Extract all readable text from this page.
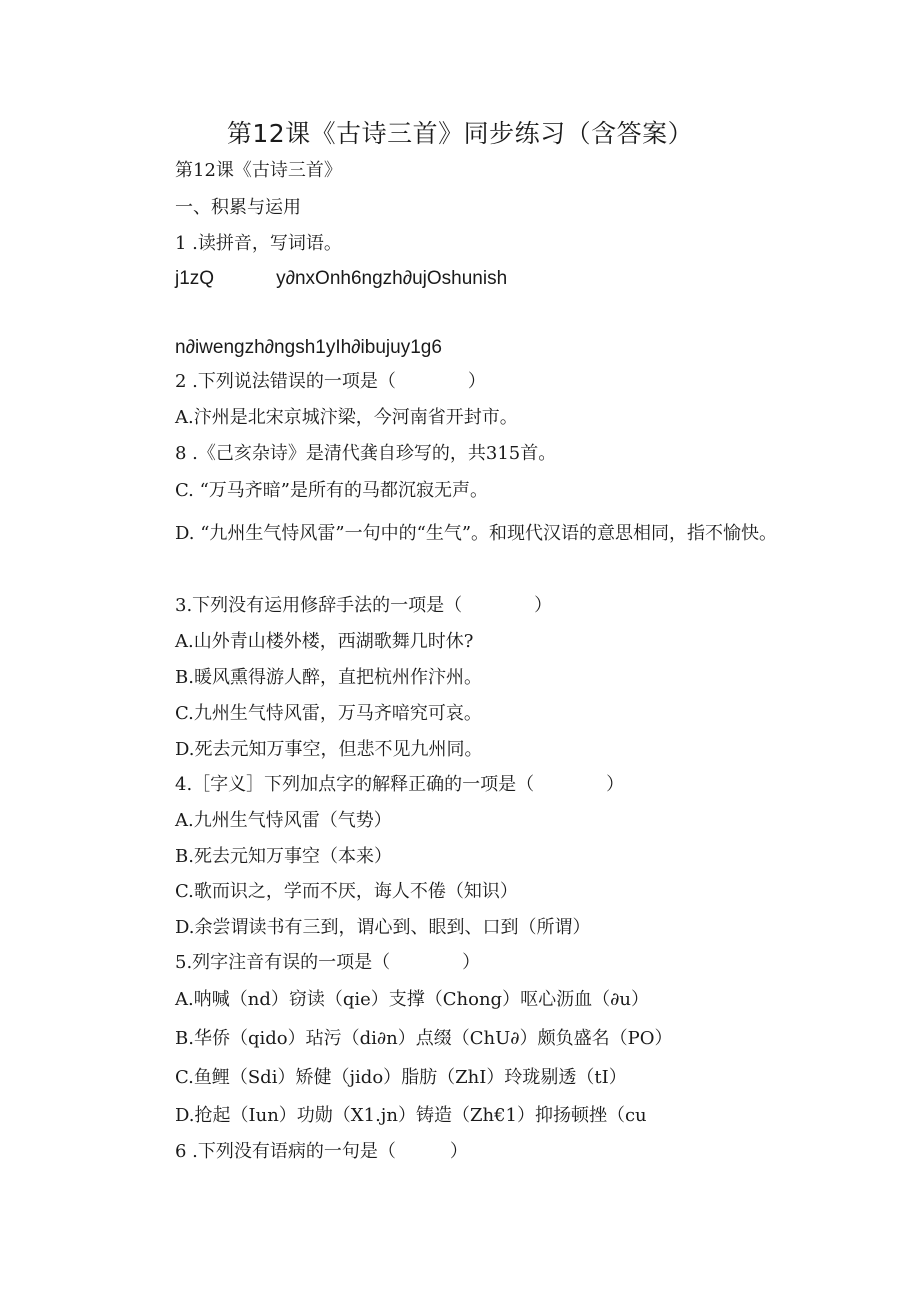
第12课《古诗三首》同步练习（含答案）

第12课《古诗三首》

一、积累与运用

1 .读拼音，写词语。

j1zQ	y∂nxOnh6ngzh∂ujOshunish

n∂iwengzh∂ngsh1yIh∂ibujuy1g6

2 .下列说法错误的一项是（　　　　）

A.汴州是北宋京城汴梁，今河南省开封市。

8 .《己亥杂诗》是清代龚自珍写的，共315首。

C. “万马齐暗”是所有的马都沉寂无声。

D. “九州生气恃风雷”一句中的“生气”。和现代汉语的意思相同，指不愉快。

3.下列没有运用修辞手法的一项是（　　　　）

A.山外青山楼外楼，西湖歌舞几时休?

B.暖风熏得游人醉，直把杭州作汴州。

C.九州生气恃风雷，万马齐喑究可哀。

D.死去元知万事空，但悲不见九州同。

4.［字义］下列加点字的解释正确的一项是（　　　　）

A.九州生气恃风雷（气势）

B.死去元知万事空（本来）

C.歌而识之，学而不厌，诲人不倦（知识）

D.余尝谓读书有三到，谓心到、眼到、口到（所谓）

5.列字注音有误的一项是（　　　　）

A.呐喊（nd）窃读（qie）支撑（Chong）呕心沥血（∂u）

B.华侨（qido）玷污（di∂n）点缀（ChU∂）颇负盛名（PO）

C.鱼鲤（Sdi）矫健（jido）脂肪（ZhI）玲珑剔透（tI）

D.抢起（Iun）功勋（X1.jn）铸造（Zh€1）抑扬顿挫（cu

6 .下列没有语病的一句是（　　　）
